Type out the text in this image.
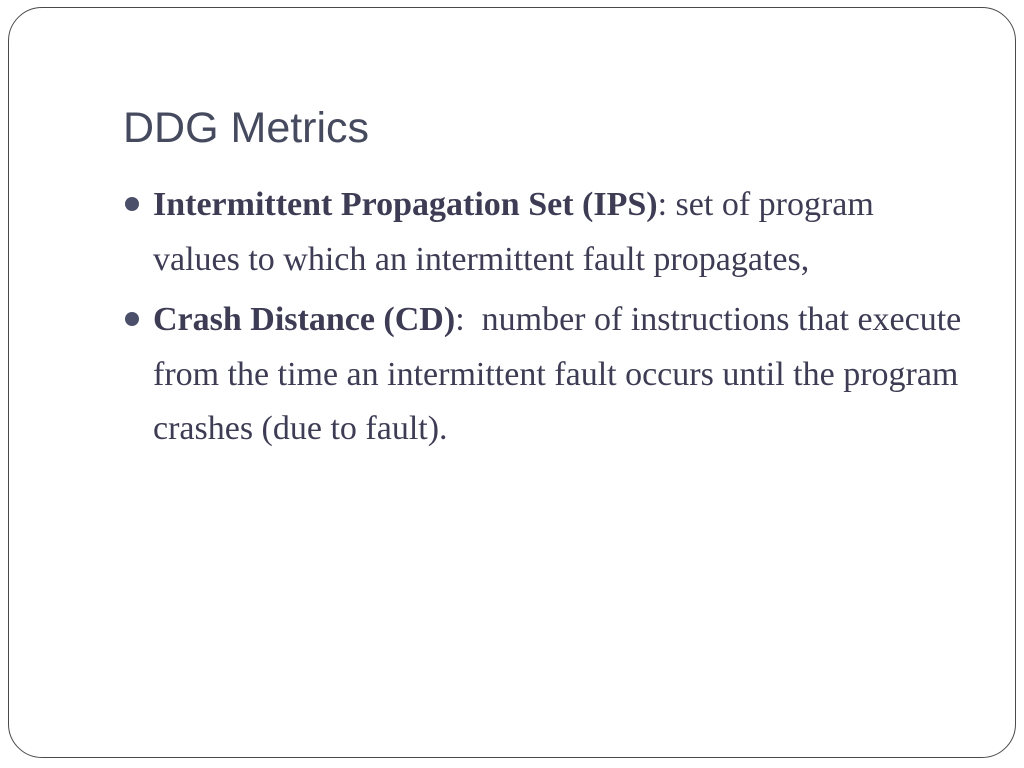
DDG Metrics
Intermittent Propagation Set (IPS): set of program values to which an intermittent fault propagates,
Crash Distance (CD):  number of instructions that execute from the time an intermittent fault occurs until the program crashes (due to fault).
